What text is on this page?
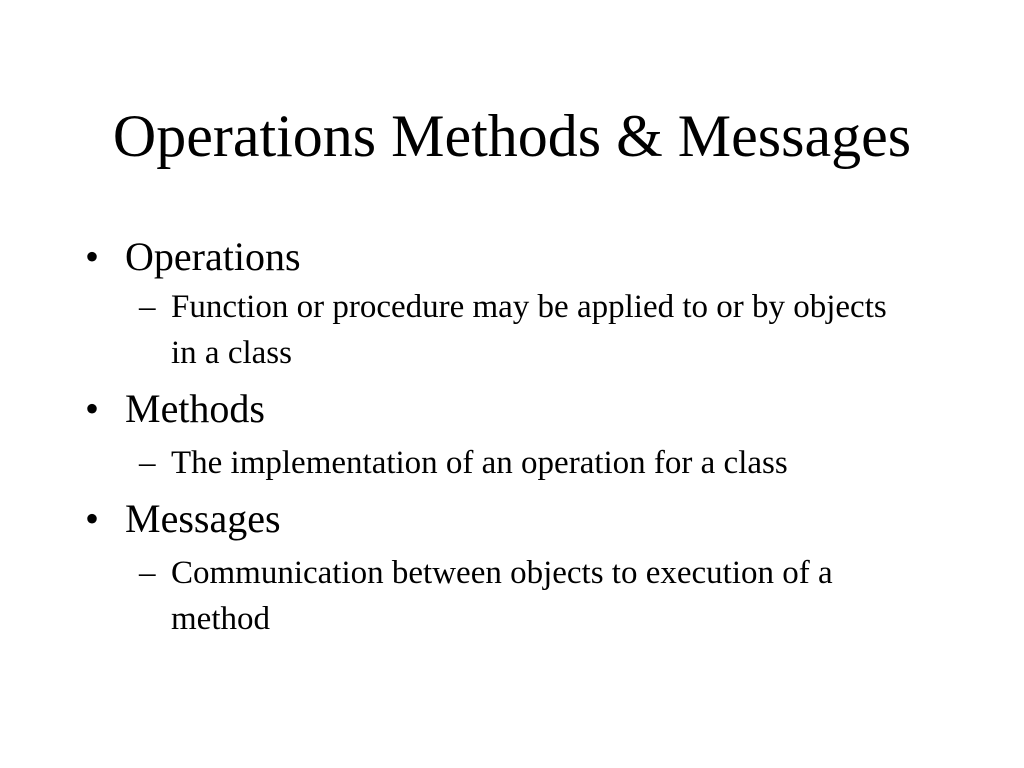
Operations Methods & Messages
• Operations
– Function or procedure may be applied to or by objects in a class
• Methods
– The implementation of an operation for a class
• Messages
– Communication between objects to execution of a method
